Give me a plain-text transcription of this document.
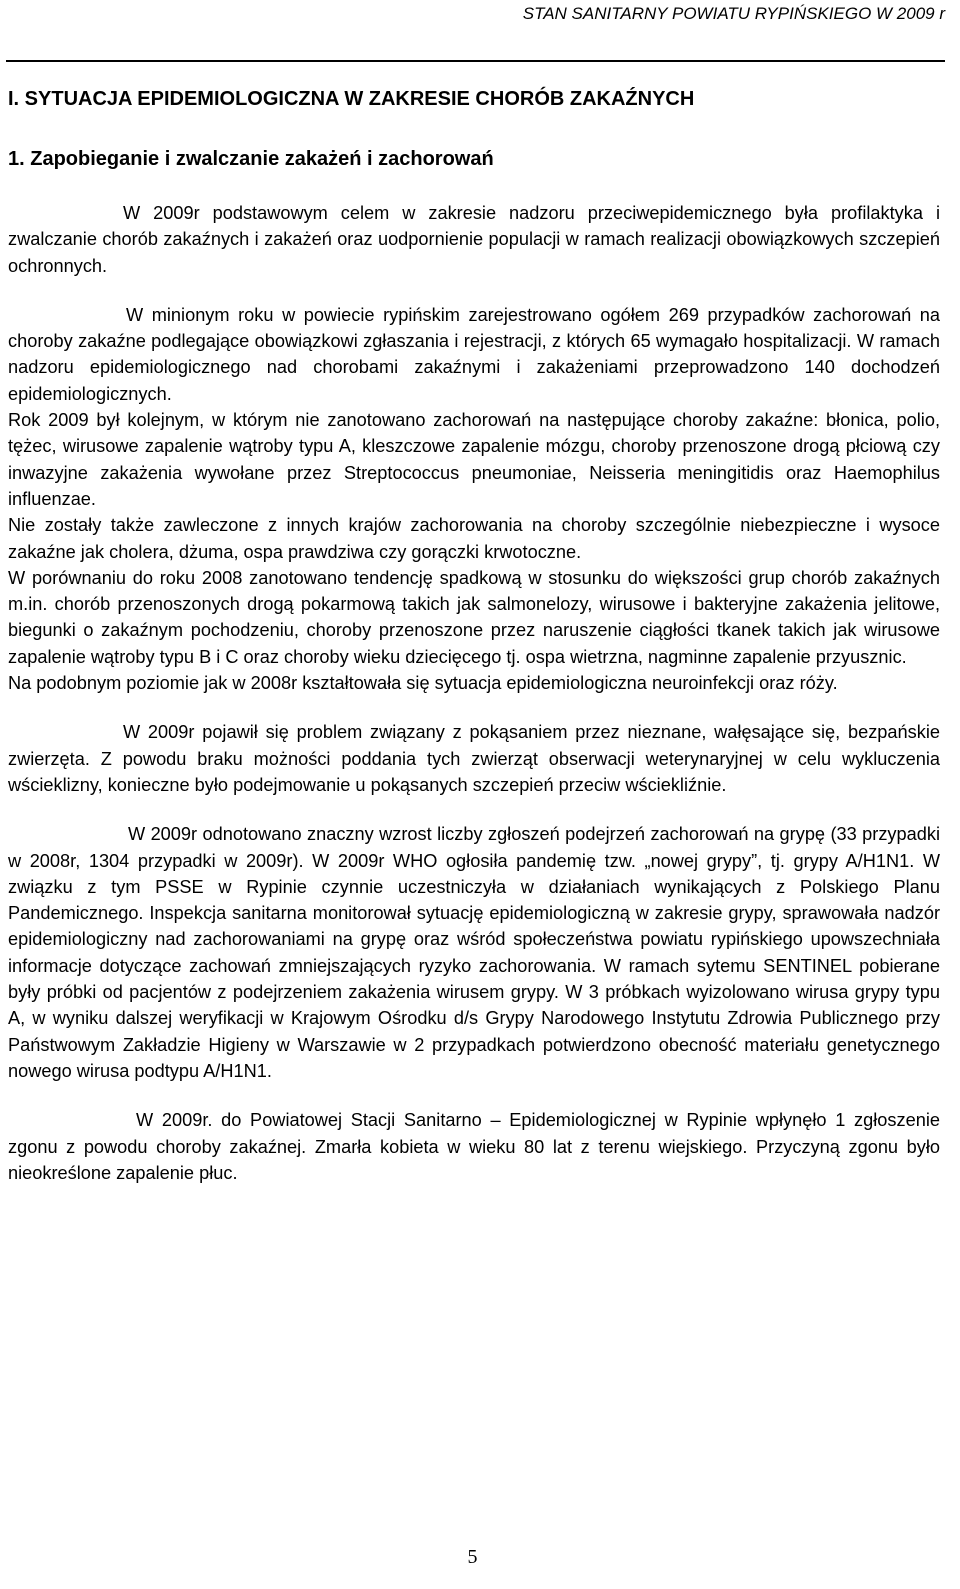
STAN SANITARNY POWIATU RYPIŃSKIEGO W 2009 r
I. SYTUACJA EPIDEMIOLOGICZNA W ZAKRESIE CHORÓB ZAKAŹNYCH
1. Zapobieganie i zwalczanie zakażeń i zachorowań

W 2009r podstawowym celem w zakresie nadzoru przeciwepidemicznego była profilaktyka i zwalczanie chorób zakaźnych i zakażeń oraz uodpornienie populacji w ramach realizacji obowiązkowych szczepień ochronnych.

W minionym roku w powiecie rypińskim zarejestrowano ogółem 269 przypadków zachorowań na choroby zakaźne podlegające obowiązkowi zgłaszania i rejestracji, z których 65 wymagało hospitalizacji. W ramach nadzoru epidemiologicznego nad chorobami zakaźnymi i zakażeniami przeprowadzono 140 dochodzeń epidemiologicznych.

Rok 2009 był kolejnym, w którym nie zanotowano zachorowań na następujące choroby zakaźne: błonica, polio, tężec, wirusowe zapalenie wątroby typu A, kleszczowe zapalenie mózgu, choroby przenoszone drogą płciową czy inwazyjne zakażenia wywołane przez Streptococcus pneumoniae, Neisseria meningitidis oraz Haemophilus influenzae.

Nie zostały także zawleczone z innych krajów zachorowania na choroby szczególnie niebezpieczne i wysoce zakaźne jak cholera, dżuma, ospa prawdziwa czy gorączki krwotoczne.

W porównaniu do roku 2008 zanotowano tendencję spadkową w stosunku do większości grup chorób zakaźnych m.in. chorób przenoszonych drogą pokarmową takich jak salmonelozy, wirusowe i bakteryjne zakażenia jelitowe, biegunki o zakaźnym pochodzeniu, choroby przenoszone przez naruszenie ciągłości tkanek takich jak wirusowe zapalenie wątroby typu B i C oraz choroby wieku dziecięcego tj. ospa wietrzna, nagminne zapalenie przyusznic.

Na podobnym poziomie jak w 2008r kształtowała się sytuacja epidemiologiczna neuroinfekcji oraz róży.

W 2009r pojawił się problem związany z pokąsaniem przez nieznane, wałęsające się, bezpańskie zwierzęta. Z powodu braku możności poddania tych zwierząt obserwacji weterynaryjnej w celu wykluczenia wścieklizny, konieczne było podejmowanie u pokąsanych szczepień przeciw wściekliźnie.

W 2009r odnotowano znaczny wzrost liczby zgłoszeń podejrzeń zachorowań na grypę (33 przypadki w 2008r, 1304 przypadki w 2009r). W 2009r WHO ogłosiła pandemię tzw. „nowej grypy”, tj. grypy A/H1N1. W związku z tym PSSE w Rypinie czynnie uczestniczyła w działaniach wynikających z Polskiego Planu Pandemicznego. Inspekcja sanitarna monitorował sytuację epidemiologiczną w zakresie grypy, sprawowała nadzór epidemiologiczny nad zachorowaniami na grypę oraz wśród społeczeństwa powiatu rypińskiego upowszechniała informacje dotyczące zachowań zmniejszających ryzyko zachorowania. W ramach sytemu SENTINEL pobierane były próbki od pacjentów z podejrzeniem zakażenia wirusem grypy. W 3 próbkach wyizolowano wirusa grypy typu A, w wyniku dalszej weryfikacji w Krajowym Ośrodku d/s Grypy Narodowego Instytutu Zdrowia Publicznego przy Państwowym Zakładzie Higieny w Warszawie w 2 przypadkach potwierdzono obecność materiału genetycznego nowego wirusa podtypu A/H1N1.

W 2009r. do Powiatowej Stacji Sanitarno – Epidemiologicznej w Rypinie wpłynęło 1 zgłoszenie zgonu z powodu choroby zakaźnej. Zmarła kobieta w wieku 80 lat z terenu wiejskiego. Przyczyną zgonu było nieokreślone zapalenie płuc.

5
